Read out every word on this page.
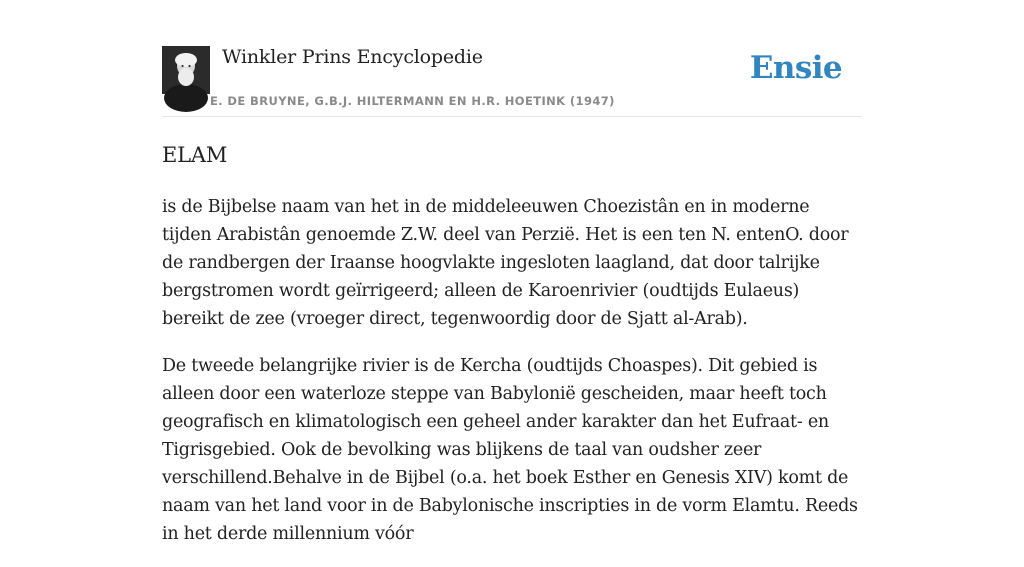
Winkler Prins Encyclopedie
E. DE BRUYNE, G.B.J. HILTERMANN EN H.R. HOETINK (1947)
Ensie
ELAM

is de Bijbelse naam van het in de middeleeuwen Choezistân en in moderne tijden Arabistân genoemde Z.W. deel van Perzië. Het is een ten N. entenO. door de randbergen der Iraanse hoogvlakte ingesloten laagland, dat door talrijke bergstromen wordt geïrrigeerd; alleen de Karoenrivier (oudtijds Eulaeus) bereikt de zee (vroeger direct, tegenwoordig door de Sjatt al-Arab).

De tweede belangrijke rivier is de Kercha (oudtijds Choaspes). Dit gebied is alleen door een waterloze steppe van Babylonië gescheiden, maar heeft toch geografisch en klimatologisch een geheel ander karakter dan het Eufraat- en Tigrisgebied. Ook de bevolking was blijkens de taal van oudsher zeer verschillend.Behalve in de Bijbel (o.a. het boek Esther en Genesis XIV) komt de naam van het land voor in de Babylonische inscripties in de vorm Elamtu. Reeds in het derde millennium vóór
